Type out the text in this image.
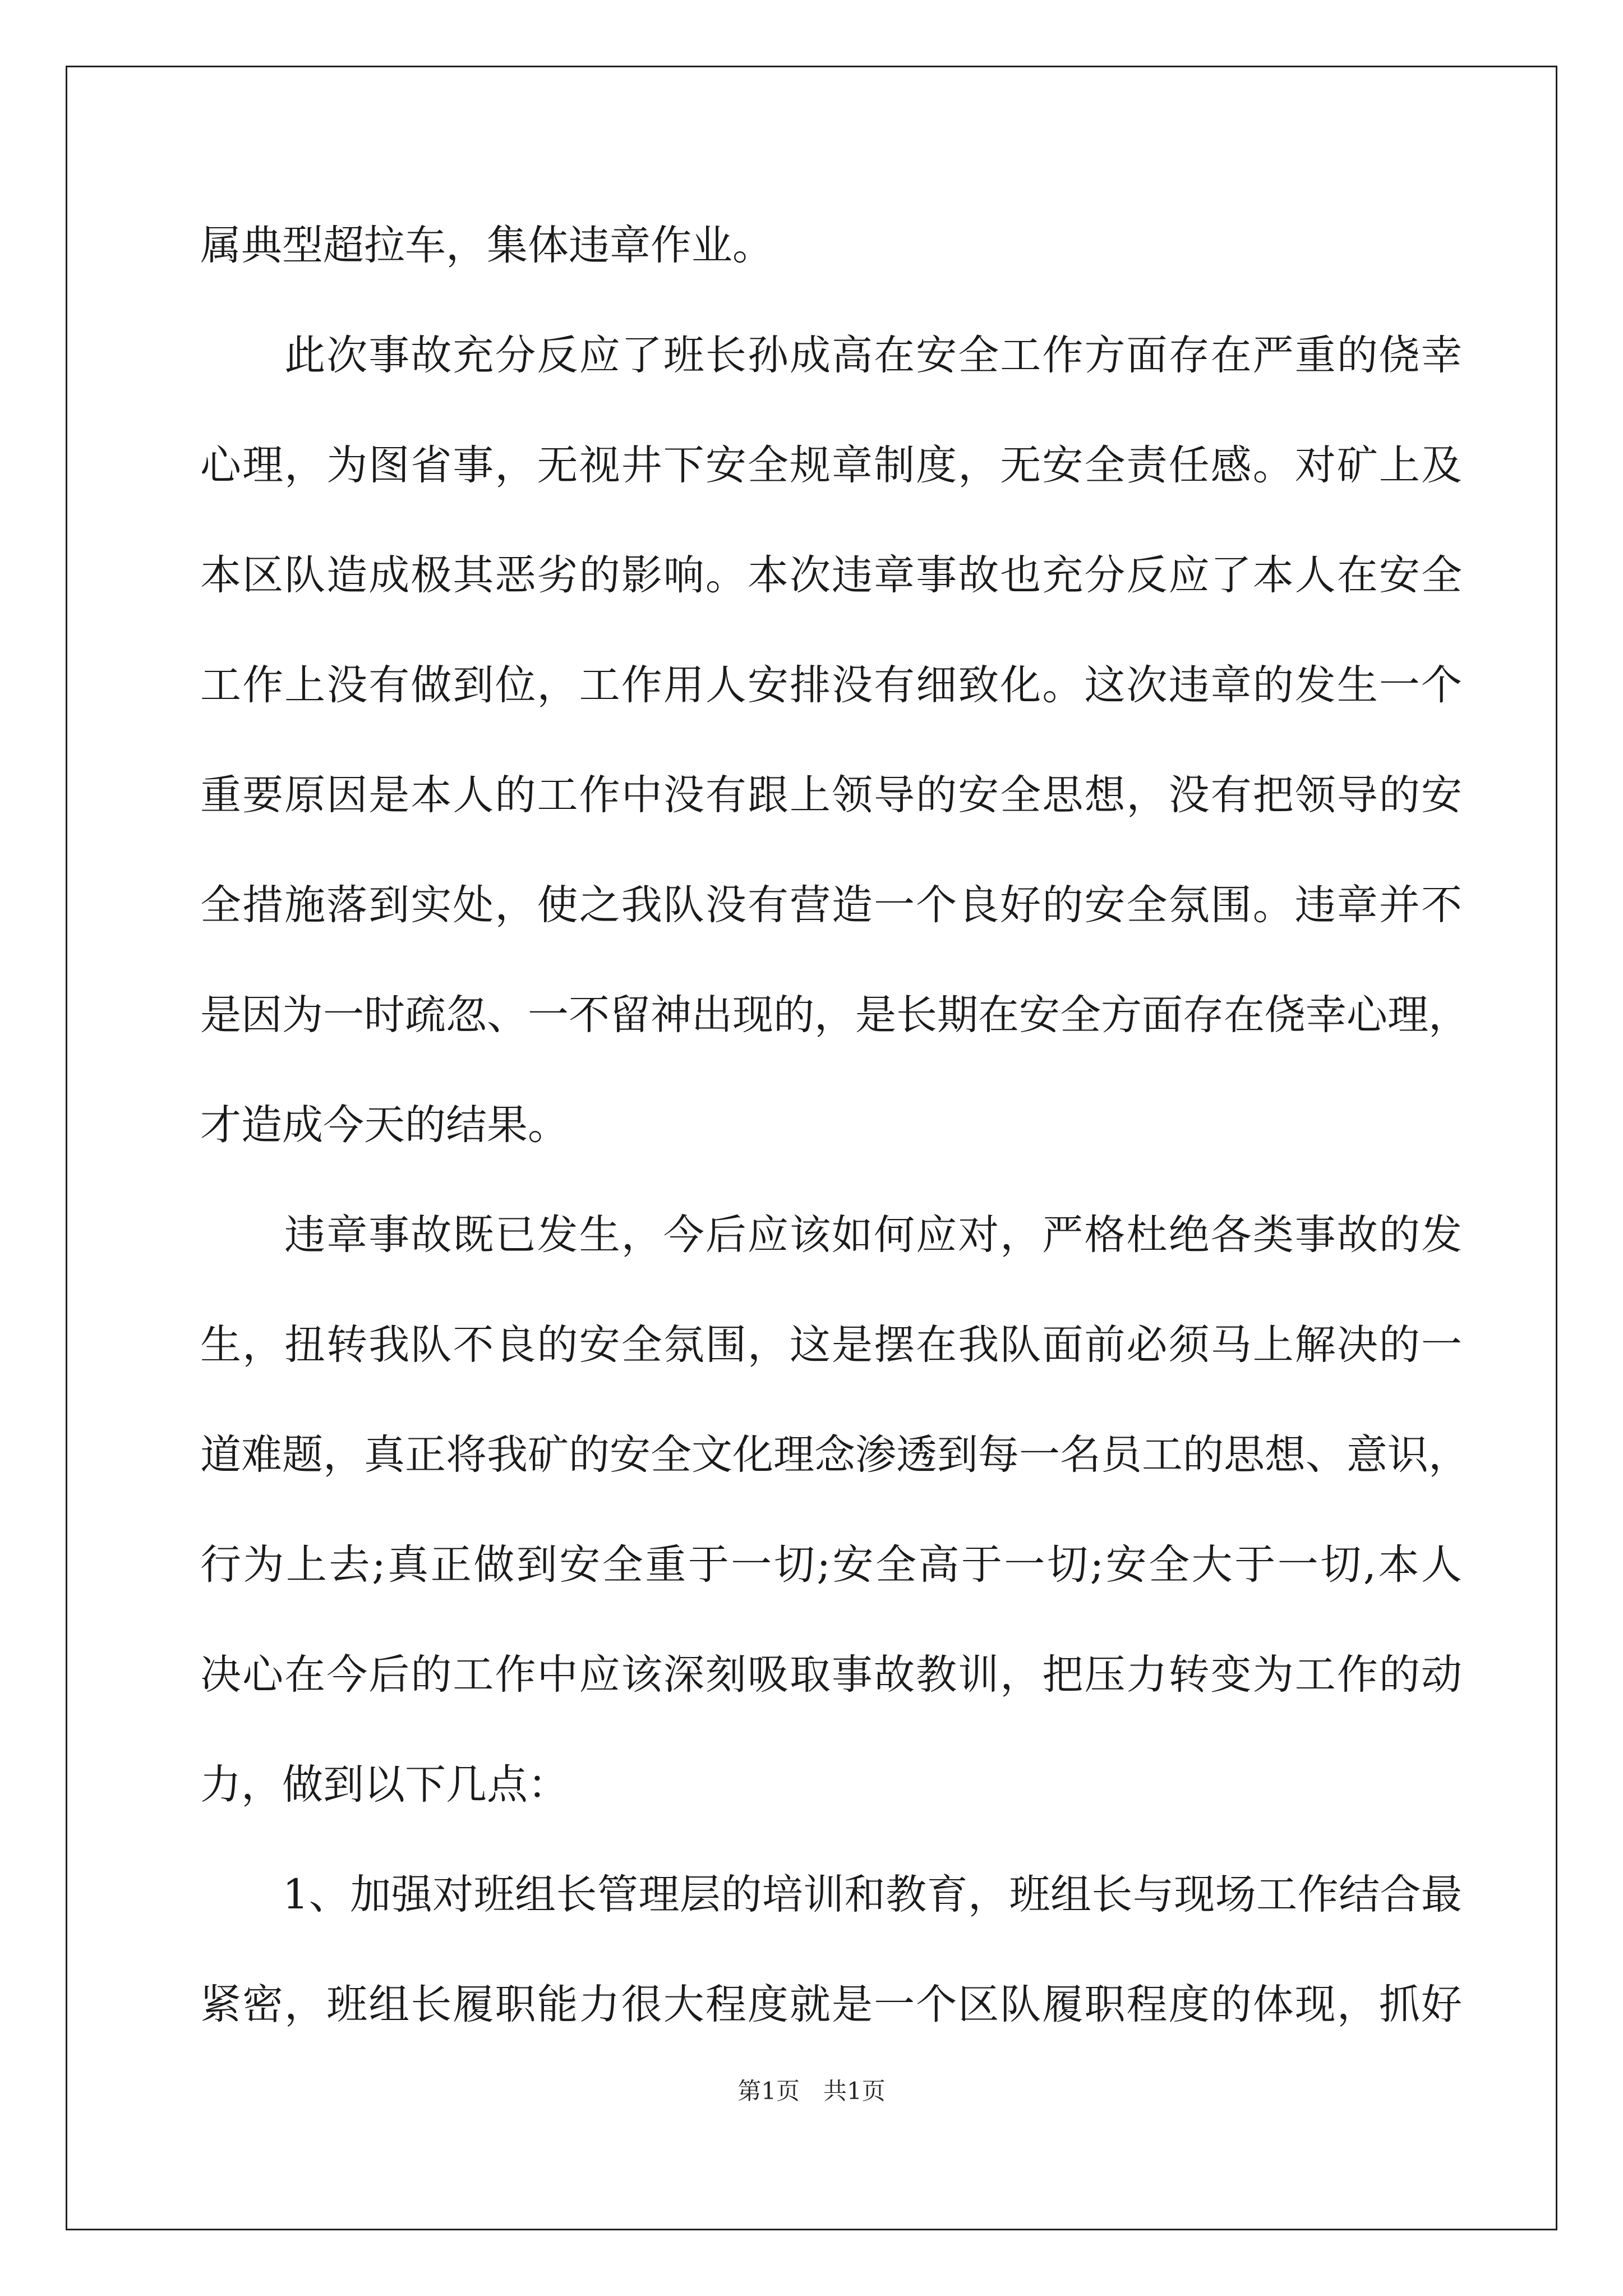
属典型超拉车，集体违章作业。
　　此次事故充分反应了班长孙成高在安全工作方面存在严重的侥幸
心理，为图省事，无视井下安全规章制度，无安全责任感。对矿上及
本区队造成极其恶劣的影响。本次违章事故也充分反应了本人在安全
工作上没有做到位，工作用人安排没有细致化。这次违章的发生一个
重要原因是本人的工作中没有跟上领导的安全思想，没有把领导的安
全措施落到实处，使之我队没有营造一个良好的安全氛围。违章并不
是因为一时疏忽、一不留神出现的，是长期在安全方面存在侥幸心理，
才造成今天的结果。
　　违章事故既已发生，今后应该如何应对，严格杜绝各类事故的发
生，扭转我队不良的安全氛围，这是摆在我队面前必须马上解决的一
道难题，真正将我矿的安全文化理念渗透到每一名员工的思想、意识，
行为上去;真正做到安全重于一切;安全高于一切;安全大于一切,本人
决心在今后的工作中应该深刻吸取事故教训，把压力转变为工作的动
力，做到以下几点：
　　1、加强对班组长管理层的培训和教育，班组长与现场工作结合最
紧密，班组长履职能力很大程度就是一个区队履职程度的体现，抓好
第1页　共1页
